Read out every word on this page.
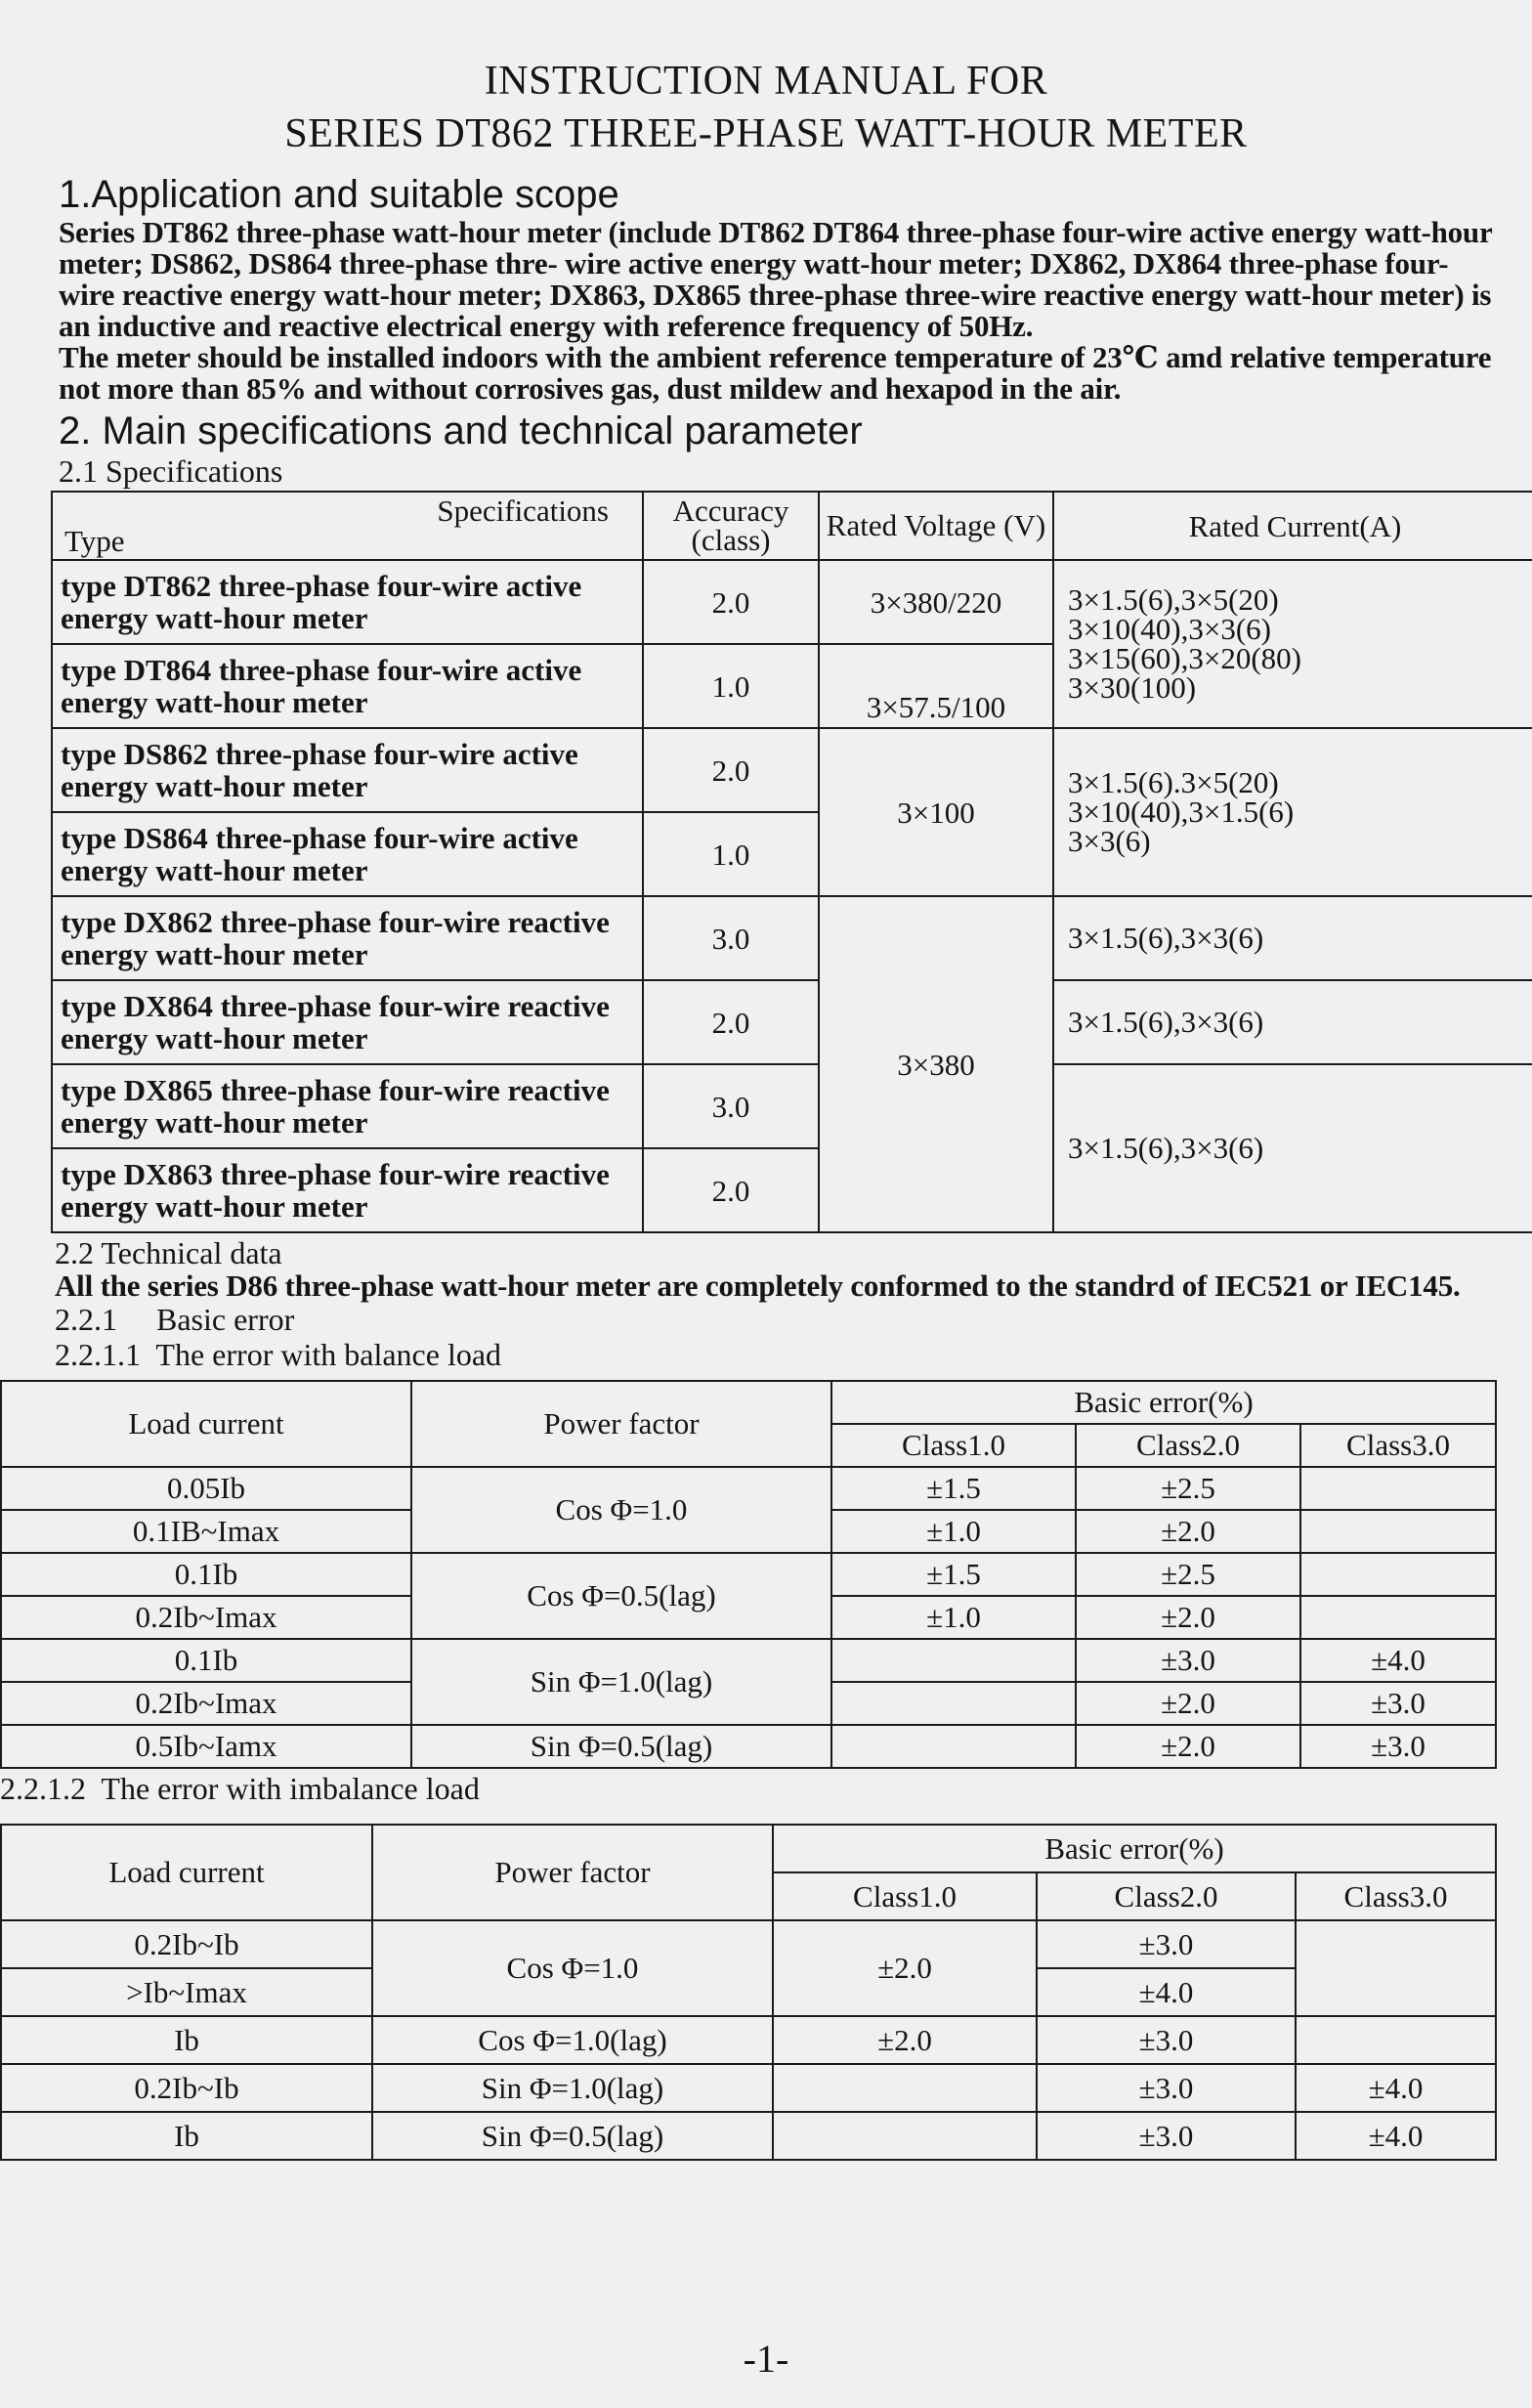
INSTRUCTION MANUAL FOR
SERIES DT862 THREE-PHASE WATT-HOUR METER
1.Application and suitable scope

Series DT862 three-phase watt-hour meter (include DT862 DT864 three-phase four-wire active energy watt-hour meter; DS862, DS864 three-phase thre- wire active energy watt-hour meter; DX862, DX864 three-phase four-wire reactive energy watt-hour meter; DX863, DX865 three-phase three-wire reactive energy watt-hour meter) is an inductive and reactive electrical energy with reference frequency of 50Hz.

The meter should be installed indoors with the ambient reference temperature of 23℃ amd relative temperature not more than 85% and without corrosives gas, dust mildew and hexapod in the air.

2. Main specifications and technical parameter
2.1 Specifications
Specifications
Type	Accuracy (class)	Rated Voltage (V)	Rated Current(A)
type DT862 three-phase four-wire active energy watt-hour meter	2.0	3×380/220	3×1.5(6),3×5(20)
3×10(40),3×3(6)
3×15(60),3×20(80)
3×30(100)

type DT864 three-phase four-wire active energy watt-hour meter	1.0	3×57.5/100	
type DS862 three-phase four-wire active energy watt-hour meter	2.0	3×100	3×1.5(6).3×5(20)
3×10(40),3×1.5(6)
3×3(6)

type DS864 three-phase four-wire active energy watt-hour meter	1.0		
type DX862 three-phase four-wire reactive energy watt-hour meter	3.0	3×380	3×1.5(6),3×3(6)
type DX864 three-phase four-wire reactive energy watt-hour meter	2.0		3×1.5(6),3×3(6)
type DX865 three-phase four-wire reactive energy watt-hour meter	3.0		3×1.5(6),3×3(6)
type DX863 three-phase four-wire reactive energy watt-hour meter	2.0		
2.2 Technical data

All the series D86 three-phase watt-hour meter are completely conformed to the standrd of IEC521 or IEC145.

2.2.1     Basic error
2.2.1.1  The error with balance load
Load current	Power factor	Basic error(%)		
		Class1.0	Class2.0	Class3.0
0.05Ib	Cos Φ=1.0	±1.5	±2.5	
0.1IB~Imax		±1.0	±2.0	
0.1Ib	Cos Φ=0.5(lag)	±1.5	±2.5	
0.2Ib~Imax		±1.0	±2.0	
0.1Ib	Sin Φ=1.0(lag)		±3.0	±4.0
0.2Ib~Imax			±2.0	±3.0
0.5Ib~Iamx	Sin Φ=0.5(lag)		±2.0	±3.0
2.2.1.2  The error with imbalance load
Load current	Power factor	Basic error(%)		
		Class1.0	Class2.0	Class3.0
0.2Ib~Ib	Cos Φ=1.0	±2.0	±3.0	
>Ib~Imax			±4.0	
Ib	Cos Φ=1.0(lag)	±2.0	±3.0	
0.2Ib~Ib	Sin Φ=1.0(lag)		±3.0	±4.0
Ib	Sin Φ=0.5(lag)		±3.0	±4.0
-1-
